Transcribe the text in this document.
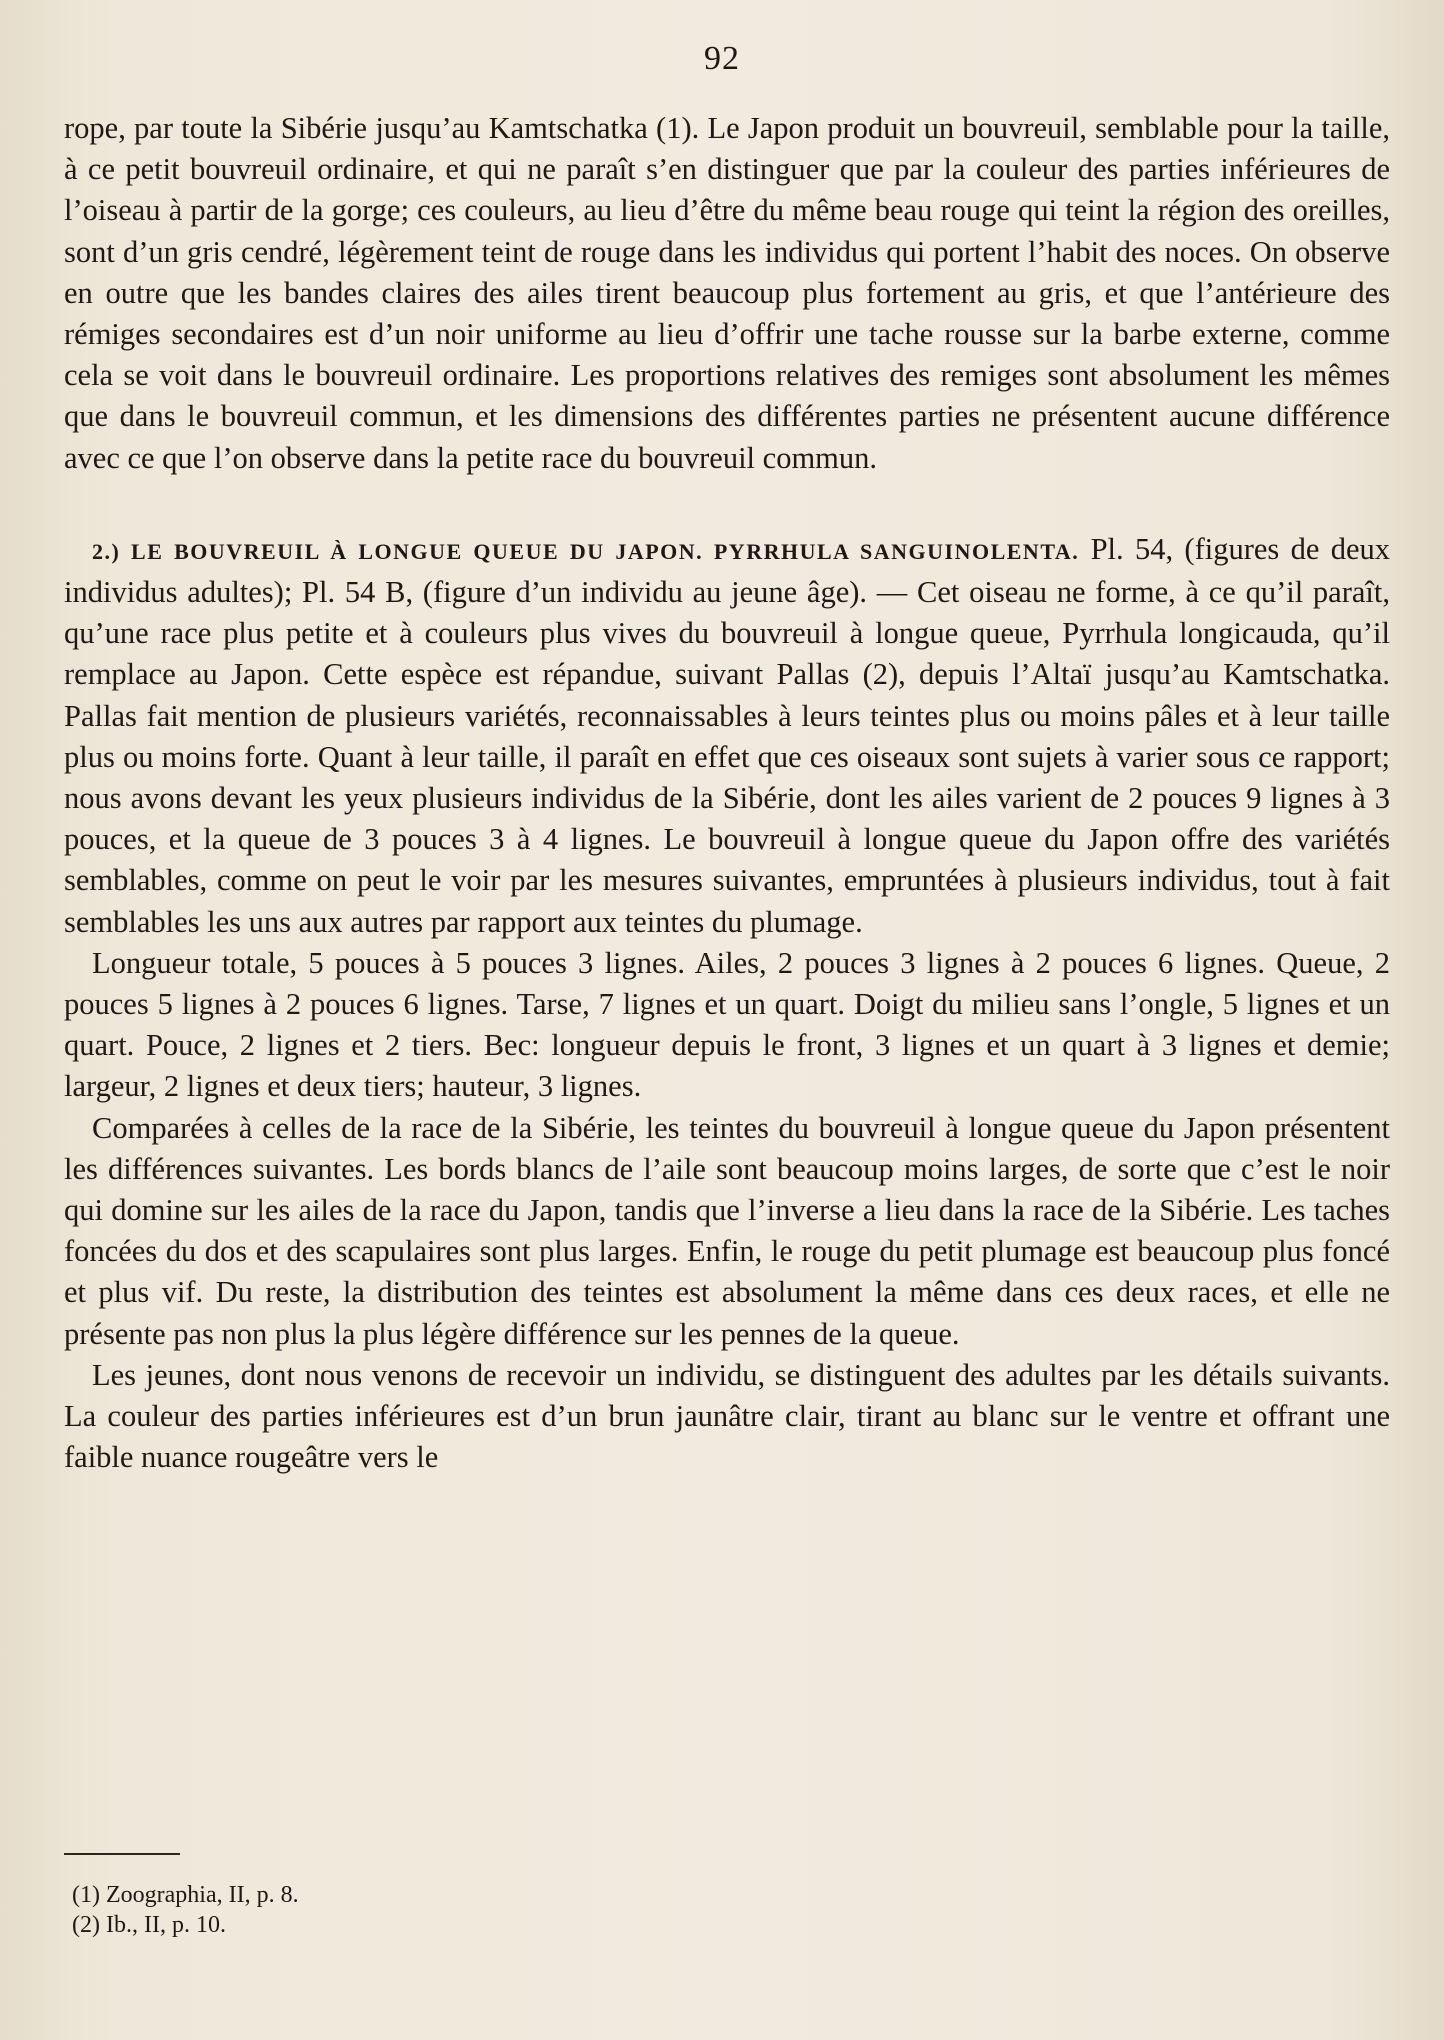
92

rope, par toute la Sibérie jusqu’au Kamtschatka (1). Le Japon produit un bouvreuil, semblable pour la taille, à ce petit bouvreuil ordinaire, et qui ne paraît s’en distinguer que par la couleur des parties inférieures de l’oiseau à partir de la gorge; ces couleurs, au lieu d’être du même beau rouge qui teint la région des oreilles, sont d’un gris cendré, légèrement teint de rouge dans les individus qui portent l’habit des noces. On observe en outre que les bandes claires des ailes tirent beaucoup plus fortement au gris, et que l’antérieure des rémiges secondaires est d’un noir uniforme au lieu d’offrir une tache rousse sur la barbe externe, comme cela se voit dans le bouvreuil ordinaire. Les proportions relatives des remiges sont absolument les mêmes que dans le bouvreuil commun, et les dimensions des différentes parties ne présentent aucune différence avec ce que l’on observe dans la petite race du bouvreuil commun.

2.) LE BOUVREUIL À LONGUE QUEUE DU JAPON. PYRRHULA SANGUINOLENTA. Pl. 54, (figures de deux individus adultes); Pl. 54 B, (figure d’un individu au jeune âge). — Cet oiseau ne forme, à ce qu’il paraît, qu’une race plus petite et à couleurs plus vives du bouvreuil à longue queue, Pyrrhula longicauda, qu’il remplace au Japon. Cette espèce est répandue, suivant Pallas (2), depuis l’Altaï jusqu’au Kamtschatka. Pallas fait mention de plusieurs variétés, reconnaissables à leurs teintes plus ou moins pâles et à leur taille plus ou moins forte. Quant à leur taille, il paraît en effet que ces oiseaux sont sujets à varier sous ce rapport; nous avons devant les yeux plusieurs individus de la Sibérie, dont les ailes varient de 2 pouces 9 lignes à 3 pouces, et la queue de 3 pouces 3 à 4 lignes. Le bouvreuil à longue queue du Japon offre des variétés semblables, comme on peut le voir par les mesures suivantes, empruntées à plusieurs individus, tout à fait semblables les uns aux autres par rapport aux teintes du plumage.

Longueur totale, 5 pouces à 5 pouces 3 lignes. Ailes, 2 pouces 3 lignes à 2 pouces 6 lignes. Queue, 2 pouces 5 lignes à 2 pouces 6 lignes. Tarse, 7 lignes et un quart. Doigt du milieu sans l’ongle, 5 lignes et un quart. Pouce, 2 lignes et 2 tiers. Bec: longueur depuis le front, 3 lignes et un quart à 3 lignes et demie; largeur, 2 lignes et deux tiers; hauteur, 3 lignes.

Comparées à celles de la race de la Sibérie, les teintes du bouvreuil à longue queue du Japon présentent les différences suivantes. Les bords blancs de l’aile sont beaucoup moins larges, de sorte que c’est le noir qui domine sur les ailes de la race du Japon, tandis que l’inverse a lieu dans la race de la Sibérie. Les taches foncées du dos et des scapulaires sont plus larges. Enfin, le rouge du petit plumage est beaucoup plus foncé et plus vif. Du reste, la distribution des teintes est absolument la même dans ces deux races, et elle ne présente pas non plus la plus légère différence sur les pennes de la queue.

Les jeunes, dont nous venons de recevoir un individu, se distinguent des adultes par les détails suivants. La couleur des parties inférieures est d’un brun jaunâtre clair, tirant au blanc sur le ventre et offrant une faible nuance rougeâtre vers le

(1) Zoographia, II, p. 8.
(2) Ib., II, p. 10.
